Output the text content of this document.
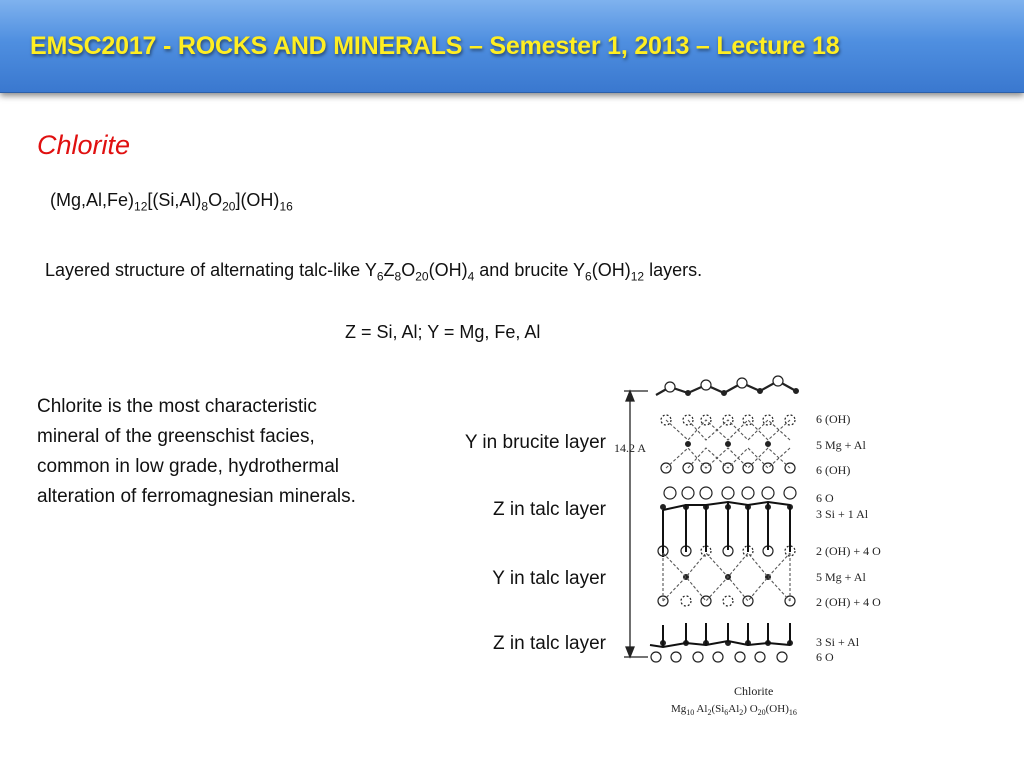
EMSC2017 - ROCKS AND MINERALS – Semester 1, 2013 – Lecture 18
Chlorite
$(Mg,Al,Fe)_{12}[(Si,Al)_8O_{20}](OH)_{16}$
Layered structure of alternating talc-like $Y_6Z_8O_{20}(OH)_4$ and brucite $Y_6(OH)_{12}$ layers.
Z = Si, Al; Y = Mg, Fe, Al
Chlorite is the most characteristic mineral of the greenschist facies, common in low grade, hydrothermal alteration of ferromagnesian minerals.
Y in brucite layer
Z in talc layer
Y in talc layer
Z in talc layer
14.2 A
6 (OH)
5 Mg + Al
6 (OH)
6 O
3 Si + 1 Al
2 (OH) + 4 O
5 Mg + Al
2 (OH) + 4 O
3 Si + Al
6 O
Chlorite
$Mg_{10}$ $Al_2(Si_6Al_2)$ $O_{20}(OH)_{16}$
